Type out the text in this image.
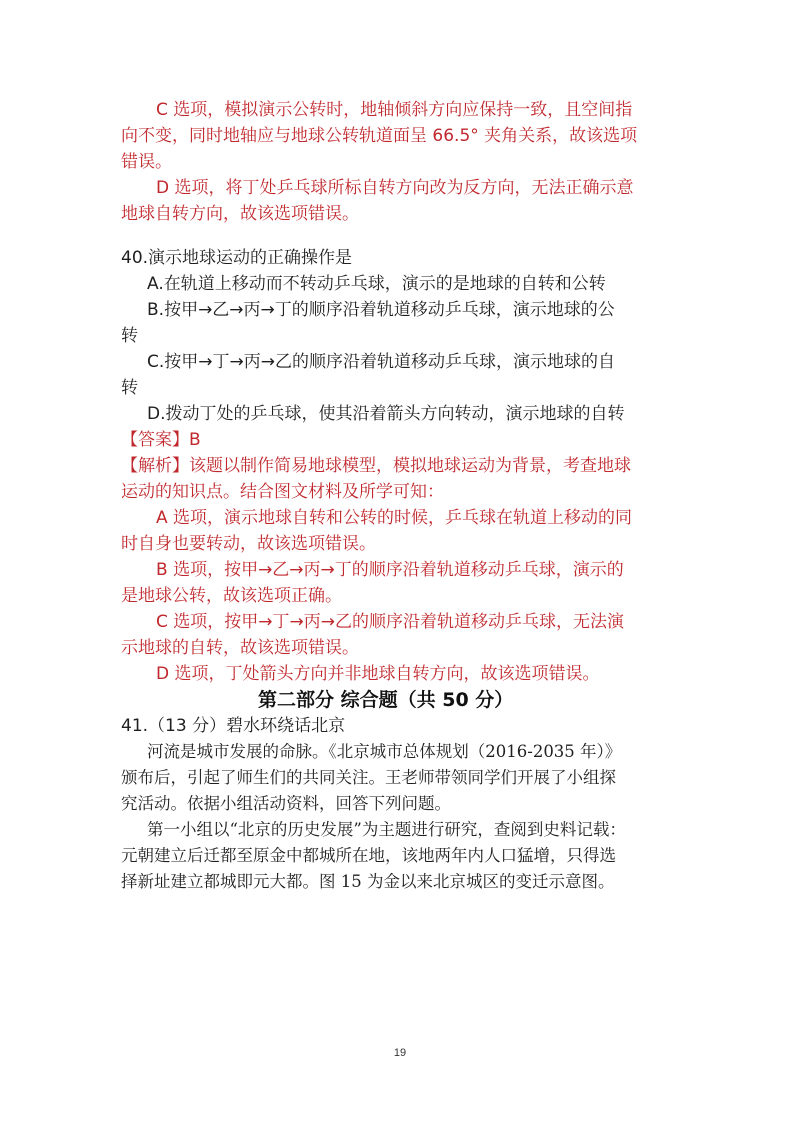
C 选项，模拟演示公转时，地轴倾斜方向应保持一致，且空间指
向不变，同时地轴应与地球公转轨道面呈 66.5° 夹角关系，故该选项
错误。
D 选项，将丁处乒乓球所标自转方向改为反方向，无法正确示意
地球自转方向，故该选项错误。
40.演示地球运动的正确操作是
A.在轨道上移动而不转动乒乓球，演示的是地球的自转和公转
B.按甲→乙→丙→丁的顺序沿着轨道移动乒乓球，演示地球的公
转
C.按甲→丁→丙→乙的顺序沿着轨道移动乒乓球，演示地球的自
转
D.拨动丁处的乒乓球，使其沿着箭头方向转动，演示地球的自转
【答案】B
【解析】该题以制作简易地球模型，模拟地球运动为背景，考查地球
运动的知识点。结合图文材料及所学可知：
A 选项，演示地球自转和公转的时候，乒乓球在轨道上移动的同
时自身也要转动，故该选项错误。
B 选项，按甲→乙→丙→丁的顺序沿着轨道移动乒乓球，演示的
是地球公转，故该选项正确。
C 选项，按甲→丁→丙→乙的顺序沿着轨道移动乒乓球，无法演
示地球的自转，故该选项错误。
D 选项，丁处箭头方向并非地球自转方向，故该选项错误。
第二部分 综合题（共 50 分）
41.（13 分）碧水环绕话北京
河流是城市发展的命脉。《北京城市总体规划（2016-2035 年）》
颁布后，引起了师生们的共同关注。王老师带领同学们开展了小组探
究活动。依据小组活动资料，回答下列问题。
第一小组以“北京的历史发展”为主题进行研究，查阅到史料记载：
元朝建立后迁都至原金中都城所在地，该地两年内人口猛增，只得选
择新址建立都城即元大都。图 15 为金以来北京城区的变迁示意图。
19
